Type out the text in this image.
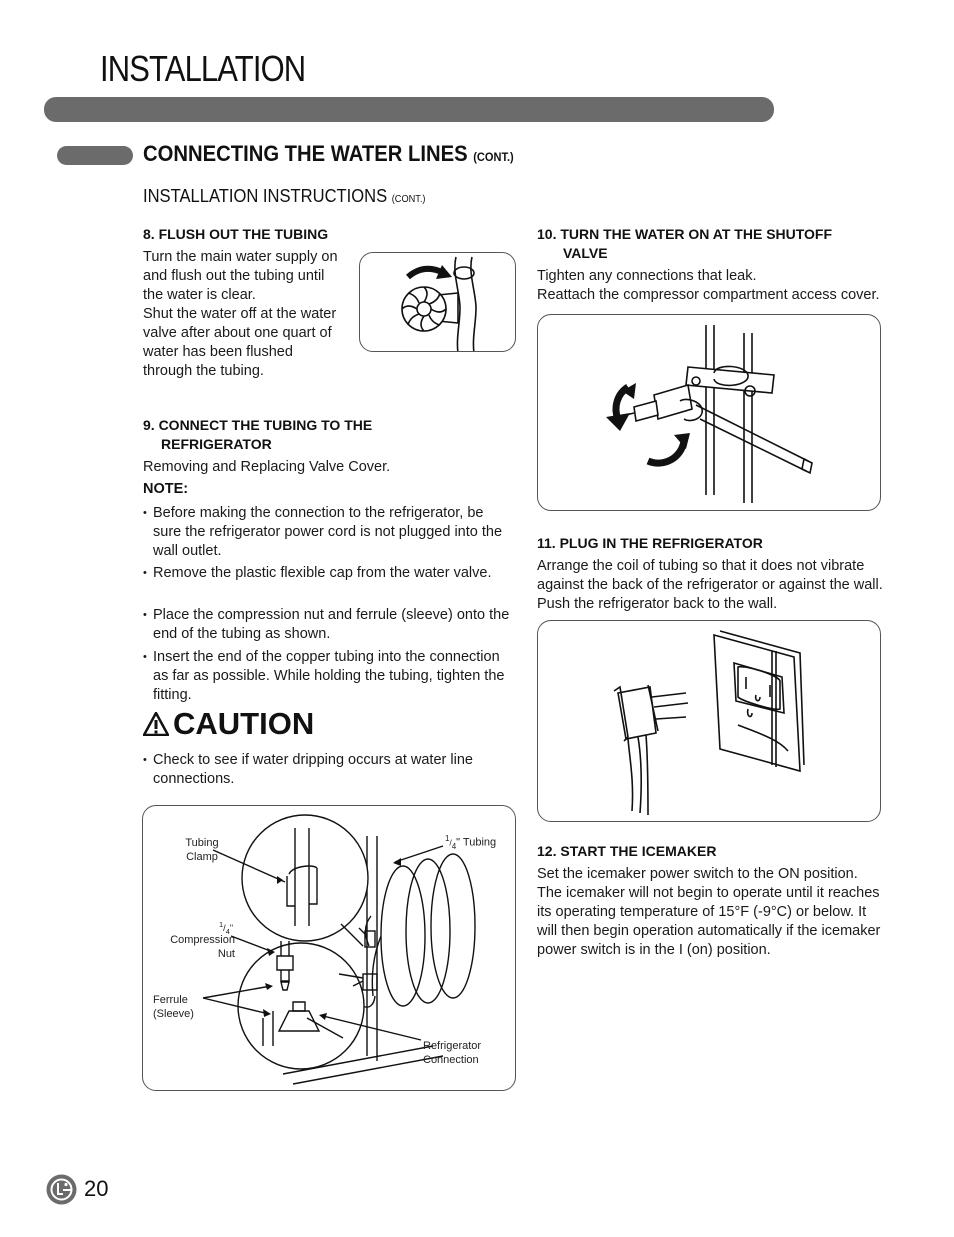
INSTALLATION
CONNECTING THE WATER LINES (CONT.)
INSTALLATION INSTRUCTIONS (CONT.)
8. FLUSH OUT THE TUBING
Turn the main water supply on
and flush out the tubing until
the water is clear.
Shut the water off at the water
valve after about one quart of
water has been flushed
through the tubing.
9. CONNECT THE TUBING TO THE
REFRIGERATOR
Removing and Replacing Valve Cover.
NOTE:
• Before making the connection to the refrigerator, be sure the refrigerator power cord is not plugged into the wall outlet.
• Remove the plastic flexible cap from the water valve.
• Place the compression nut and ferrule (sleeve) onto the end of the tubing as shown.
• Insert the end of the copper tubing into the connection as far as possible. While holding the tubing, tighten the fitting.
CAUTION
• Check to see if water dripping occurs at water line connections.
Tubing Clamp
$^1/_4$" Tubing
$^1/_4$"
Compression Nut
Ferrule (Sleeve)
Refrigerator Connection
10. TURN THE WATER ON AT THE SHUTOFF
VALVE
Tighten any connections that leak.
Reattach the compressor compartment access cover.
11. PLUG IN THE REFRIGERATOR
Arrange the coil of tubing so that it does not vibrate
against the back of the refrigerator or against the wall.
Push the refrigerator back to the wall.
12. START THE ICEMAKER
Set the icemaker power switch to the ON position.
The icemaker will not begin to operate until it reaches
its operating temperature of 15°F (-9°C) or below. It
will then begin operation automatically if the icemaker
power switch is in the I (on) position.
20
